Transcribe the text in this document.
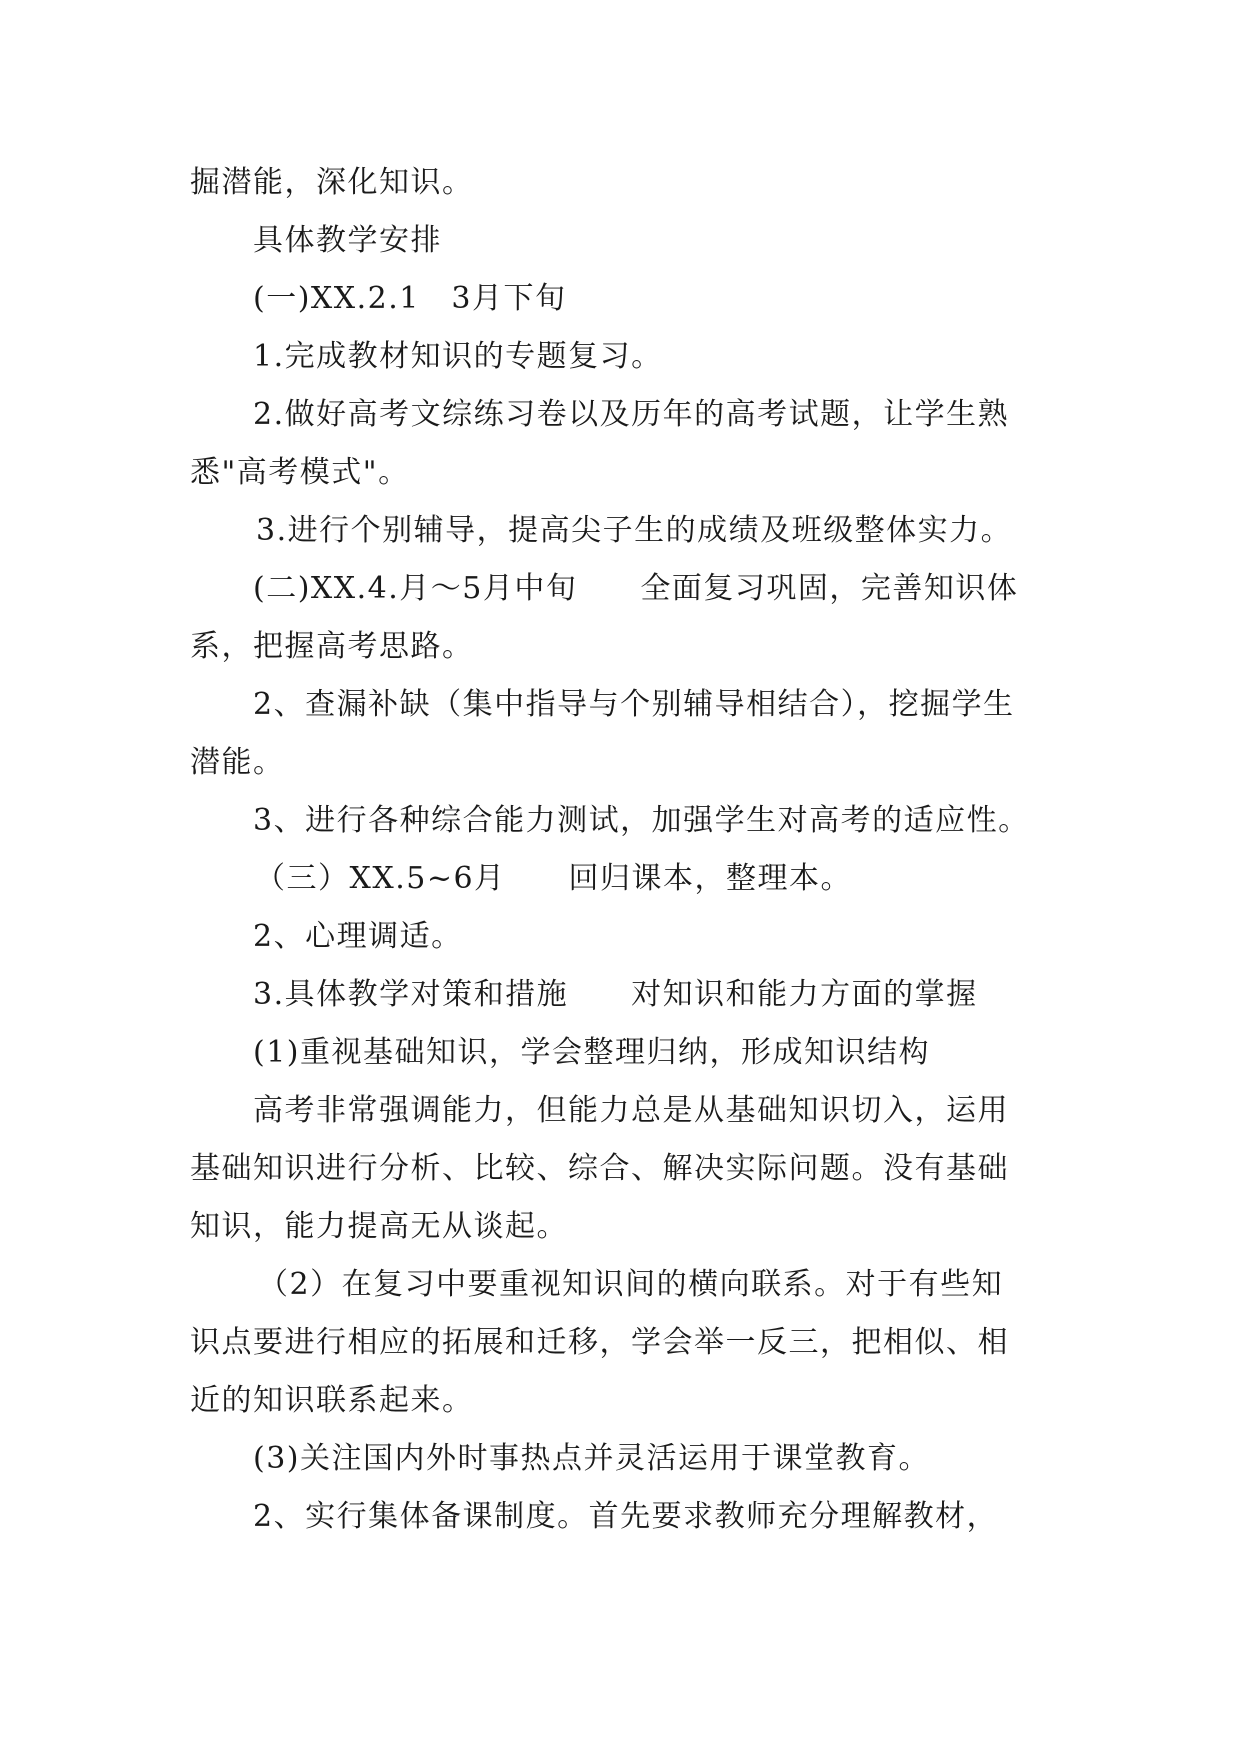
掘潜能，深化知识。
具体教学安排
(一)XX.2.1　3月下旬
1.完成教材知识的专题复习。
2.做好高考文综练习卷以及历年的高考试题，让学生熟
悉"高考模式"。
3.进行个别辅导，提高尖子生的成绩及班级整体实力。
(二)XX.4.月～5月中旬　　全面复习巩固，完善知识体
系，把握高考思路。
2、查漏补缺（集中指导与个别辅导相结合），挖掘学生
潜能。
3、进行各种综合能力测试，加强学生对高考的适应性。
（三）XX.5~6月　　回归课本，整理本。
2、心理调适。
3.具体教学对策和措施　　对知识和能力方面的掌握
(1)重视基础知识，学会整理归纳，形成知识结构
高考非常强调能力，但能力总是从基础知识切入，运用
基础知识进行分析、比较、综合、解决实际问题。没有基础
知识，能力提高无从谈起。
（2）在复习中要重视知识间的横向联系。对于有些知
识点要进行相应的拓展和迁移，学会举一反三，把相似、相
近的知识联系起来。
(3)关注国内外时事热点并灵活运用于课堂教育。
2、实行集体备课制度。首先要求教师充分理解教材，
